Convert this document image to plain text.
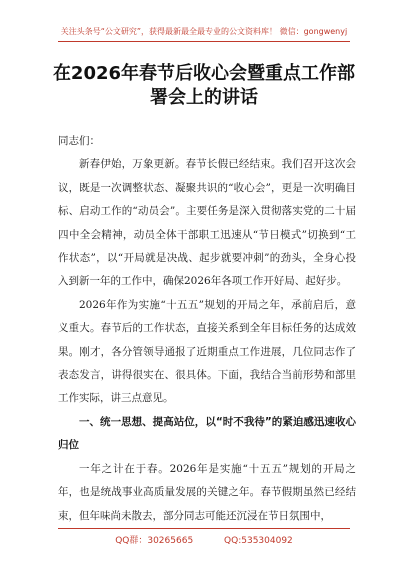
关注头条号“公文研究”，获得最新最全最专业的公文资料库！ 微信：gongwenyj
在2026年春节后收心会暨重点工作部署会上的讲话

同志们：

新春伊始，万象更新。春节长假已经结束。我们召开这次会议，既是一次调整状态、凝聚共识的“收心会”，更是一次明确目标、启动工作的“动员会”。主要任务是深入贯彻落实党的二十届四中全会精神，动员全体干部职工迅速从“节日模式”切换到“工作状态”，以“开局就是决战、起步就要冲刺”的劲头，全身心投入到新一年的工作中，确保2026年各项工作开好局、起好步。

2026年作为实施“十五五”规划的开局之年，承前启后，意义重大。春节后的工作状态，直接关系到全年目标任务的达成效果。刚才，各分管领导通报了近期重点工作进展，几位同志作了表态发言，讲得很实在、很具体。下面，我结合当前形势和部里工作实际，讲三点意见。

一、统一思想、提高站位，以“时不我待”的紧迫感迅速收心归位

一年之计在于春。2026年是实施“十五五”规划的开局之年，也是统战事业高质量发展的关键之年。春节假期虽然已经结束，但年味尚未散去，部分同志可能还沉浸在节日氛围中，

QQ群：30265665	QQ:535304092
